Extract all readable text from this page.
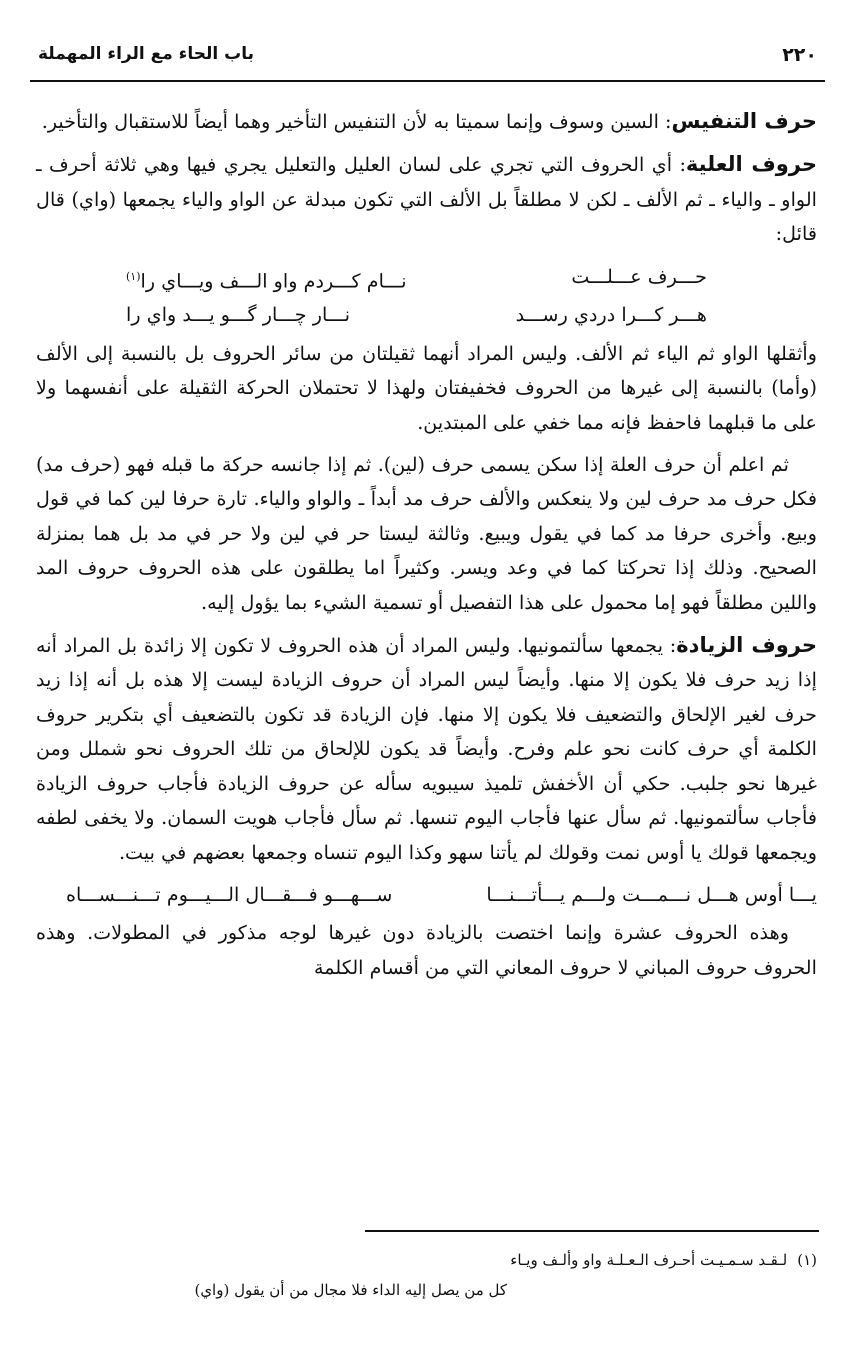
٢٢٠
باب الحاء مع الراء المهملة

حرف التنفيس: السين وسوف وإنما سميتا به لأن التنفيس التأخير وهما أيضاً للاستقبال والتأخير.

حروف العلية: أي الحروف التي تجري على لسان العليل والتعليل يجري فيها وهي ثلاثة أحرف ـ الواو ـ والياء ـ ثم الألف ـ لكن لا مطلقاً بل الألف التي تكون مبدلة عن الواو والياء يجمعها (واي) قال قائل:

حـــرف عـــلـــت
نـــام كـــردم واو الـــف ويـــاي را$^{(١)}$
هـــر كـــرا دردي رســـد
نـــار چـــار گـــو يـــد واي را

وأثقلها الواو ثم الياء ثم الألف. وليس المراد أنهما ثقيلتان من سائر الحروف بل بالنسبة إلى الألف (وأما) بالنسبة إلى غيرها من الحروف فخفيفتان ولهذا لا تحتملان الحركة الثقيلة على أنفسهما ولا على ما قبلهما فاحفظ فإنه مما خفي على المبتدين.

ثم اعلم أن حرف العلة إذا سكن يسمى حرف (لين). ثم إذا جانسه حركة ما قبله فهو (حرف مد) فكل حرف مد حرف لين ولا ينعكس والألف حرف مد أبداً ـ والواو والياء. تارة حرفا لين كما في قول وبيع. وأخرى حرفا مد كما في يقول ويبيع. وثالثة ليستا حر في لين ولا حر في مد بل هما بمنزلة الصحيح. وذلك إذا تحركتا كما في وعد ويسر. وكثيراً اما يطلقون على هذه الحروف حروف المد واللين مطلقاً فهو إما محمول على هذا التفصيل أو تسمية الشيء بما يؤول إليه.

حروف الزيادة: يجمعها سألتمونيها. وليس المراد أن هذه الحروف لا تكون إلا زائدة بل المراد أنه إذا زيد حرف فلا يكون إلا منها. وأيضاً ليس المراد أن حروف الزيادة ليست إلا هذه بل أنه إذا زيد حرف لغير الإلحاق والتضعيف فلا يكون إلا منها. فإن الزيادة قد تكون بالتضعيف أي بتكرير حروف الكلمة أي حرف كانت نحو علم وفرح. وأيضاً قد يكون للإلحاق من تلك الحروف نحو شملل ومن غيرها نحو جلبب. حكي أن الأخفش تلميذ سيبويه سأله عن حروف الزيادة فأجاب حروف الزيادة فأجاب سألتمونيها. ثم سأل عنها فأجاب اليوم تنسها. ثم سأل فأجاب هويت السمان. ولا يخفى لطفه ويجمعها قولك يا أوس نمت وقولك لم يأتنا سهو وكذا اليوم تنساه وجمعها بعضهم في بيت.

يـــا أوس هـــل نـــمـــت ولـــم يـــأتـــنـــا
ســـهـــو فـــقـــال الـــيـــوم تـــنـــســـاه

وهذه الحروف عشرة وإنما اختصت بالزيادة دون غيرها لوجه مذكور في المطولات. وهذه الحروف حروف المباني لا حروف المعاني التي من أقسام الكلمة

(١)
لـقـد سـمـيـت أحـرف الـعـلـة واو وألـف ويـاء
كل من يصل إليه الداء فلا مجال من أن يقول (واي)
